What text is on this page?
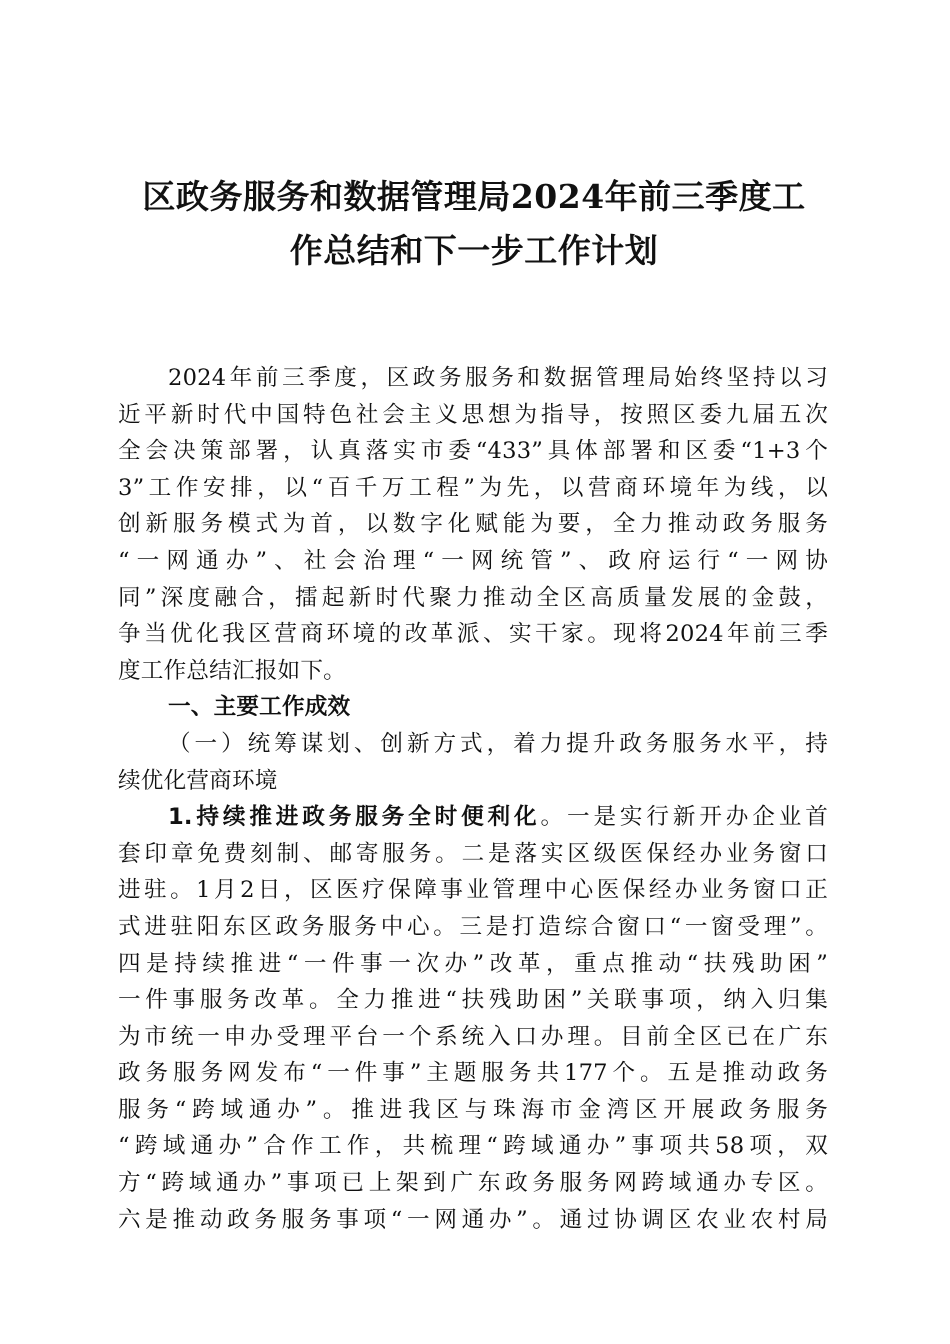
区政务服务和数据管理局2024年前三季度工
作总结和下一步工作计划
2024年前三季度，区政务服务和数据管理局始终坚持以习
近平新时代中国特色社会主义思想为指导，按照区委九届五次
全会决策部署，认真落实市委“433”具体部署和区委“1+3个
3”工作安排，以“百千万工程”为先，以营商环境年为线，以
创新服务模式为首，以数字化赋能为要，全力推动政务服务
“一网通办”、社会治理“一网统管”、政府运行“一网协
同”深度融合，擂起新时代聚力推动全区高质量发展的金鼓，
争当优化我区营商环境的改革派、实干家。现将2024年前三季
度工作总结汇报如下。
一、主要工作成效
（一）统筹谋划、创新方式，着力提升政务服务水平，持
续优化营商环境
1.持续推进政务服务全时便利化。一是实行新开办企业首
套印章免费刻制、邮寄服务。二是落实区级医保经办业务窗口
进驻。1月2日，区医疗保障事业管理中心医保经办业务窗口正
式进驻阳东区政务服务中心。三是打造综合窗口“一窗受理”。
四是持续推进“一件事一次办”改革，重点推动“扶残助困”
一件事服务改革。全力推进“扶残助困”关联事项，纳入归集
为市统一申办受理平台一个系统入口办理。目前全区已在广东
政务服务网发布“一件事”主题服务共177个。五是推动政务
服务“跨域通办”。推进我区与珠海市金湾区开展政务服务
“跨域通办”合作工作，共梳理“跨域通办”事项共58项，双
方“跨域通办”事项已上架到广东政务服务网跨域通办专区。
六是推动政务服务事项“一网通办”。通过协调区农业农村局
